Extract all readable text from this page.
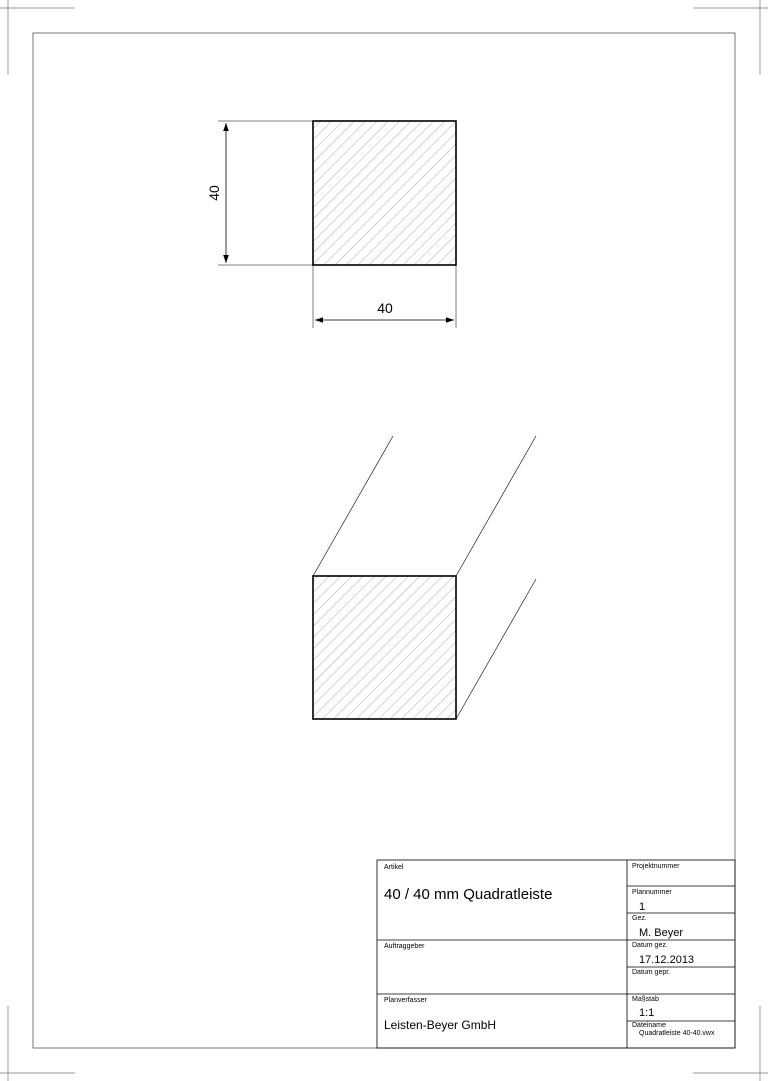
40
40
Artikel
40 / 40 mm Quadratleiste
Auftraggeber
Planverfasser
Leisten-Beyer GmbH
Projektnummer
Plannummer
1
Gez.
M. Beyer
Datum gez.
17.12.2013
Datum gepr.
Ma§stab
1:1
Dateiname
Quadratleiste 40-40.vwx
